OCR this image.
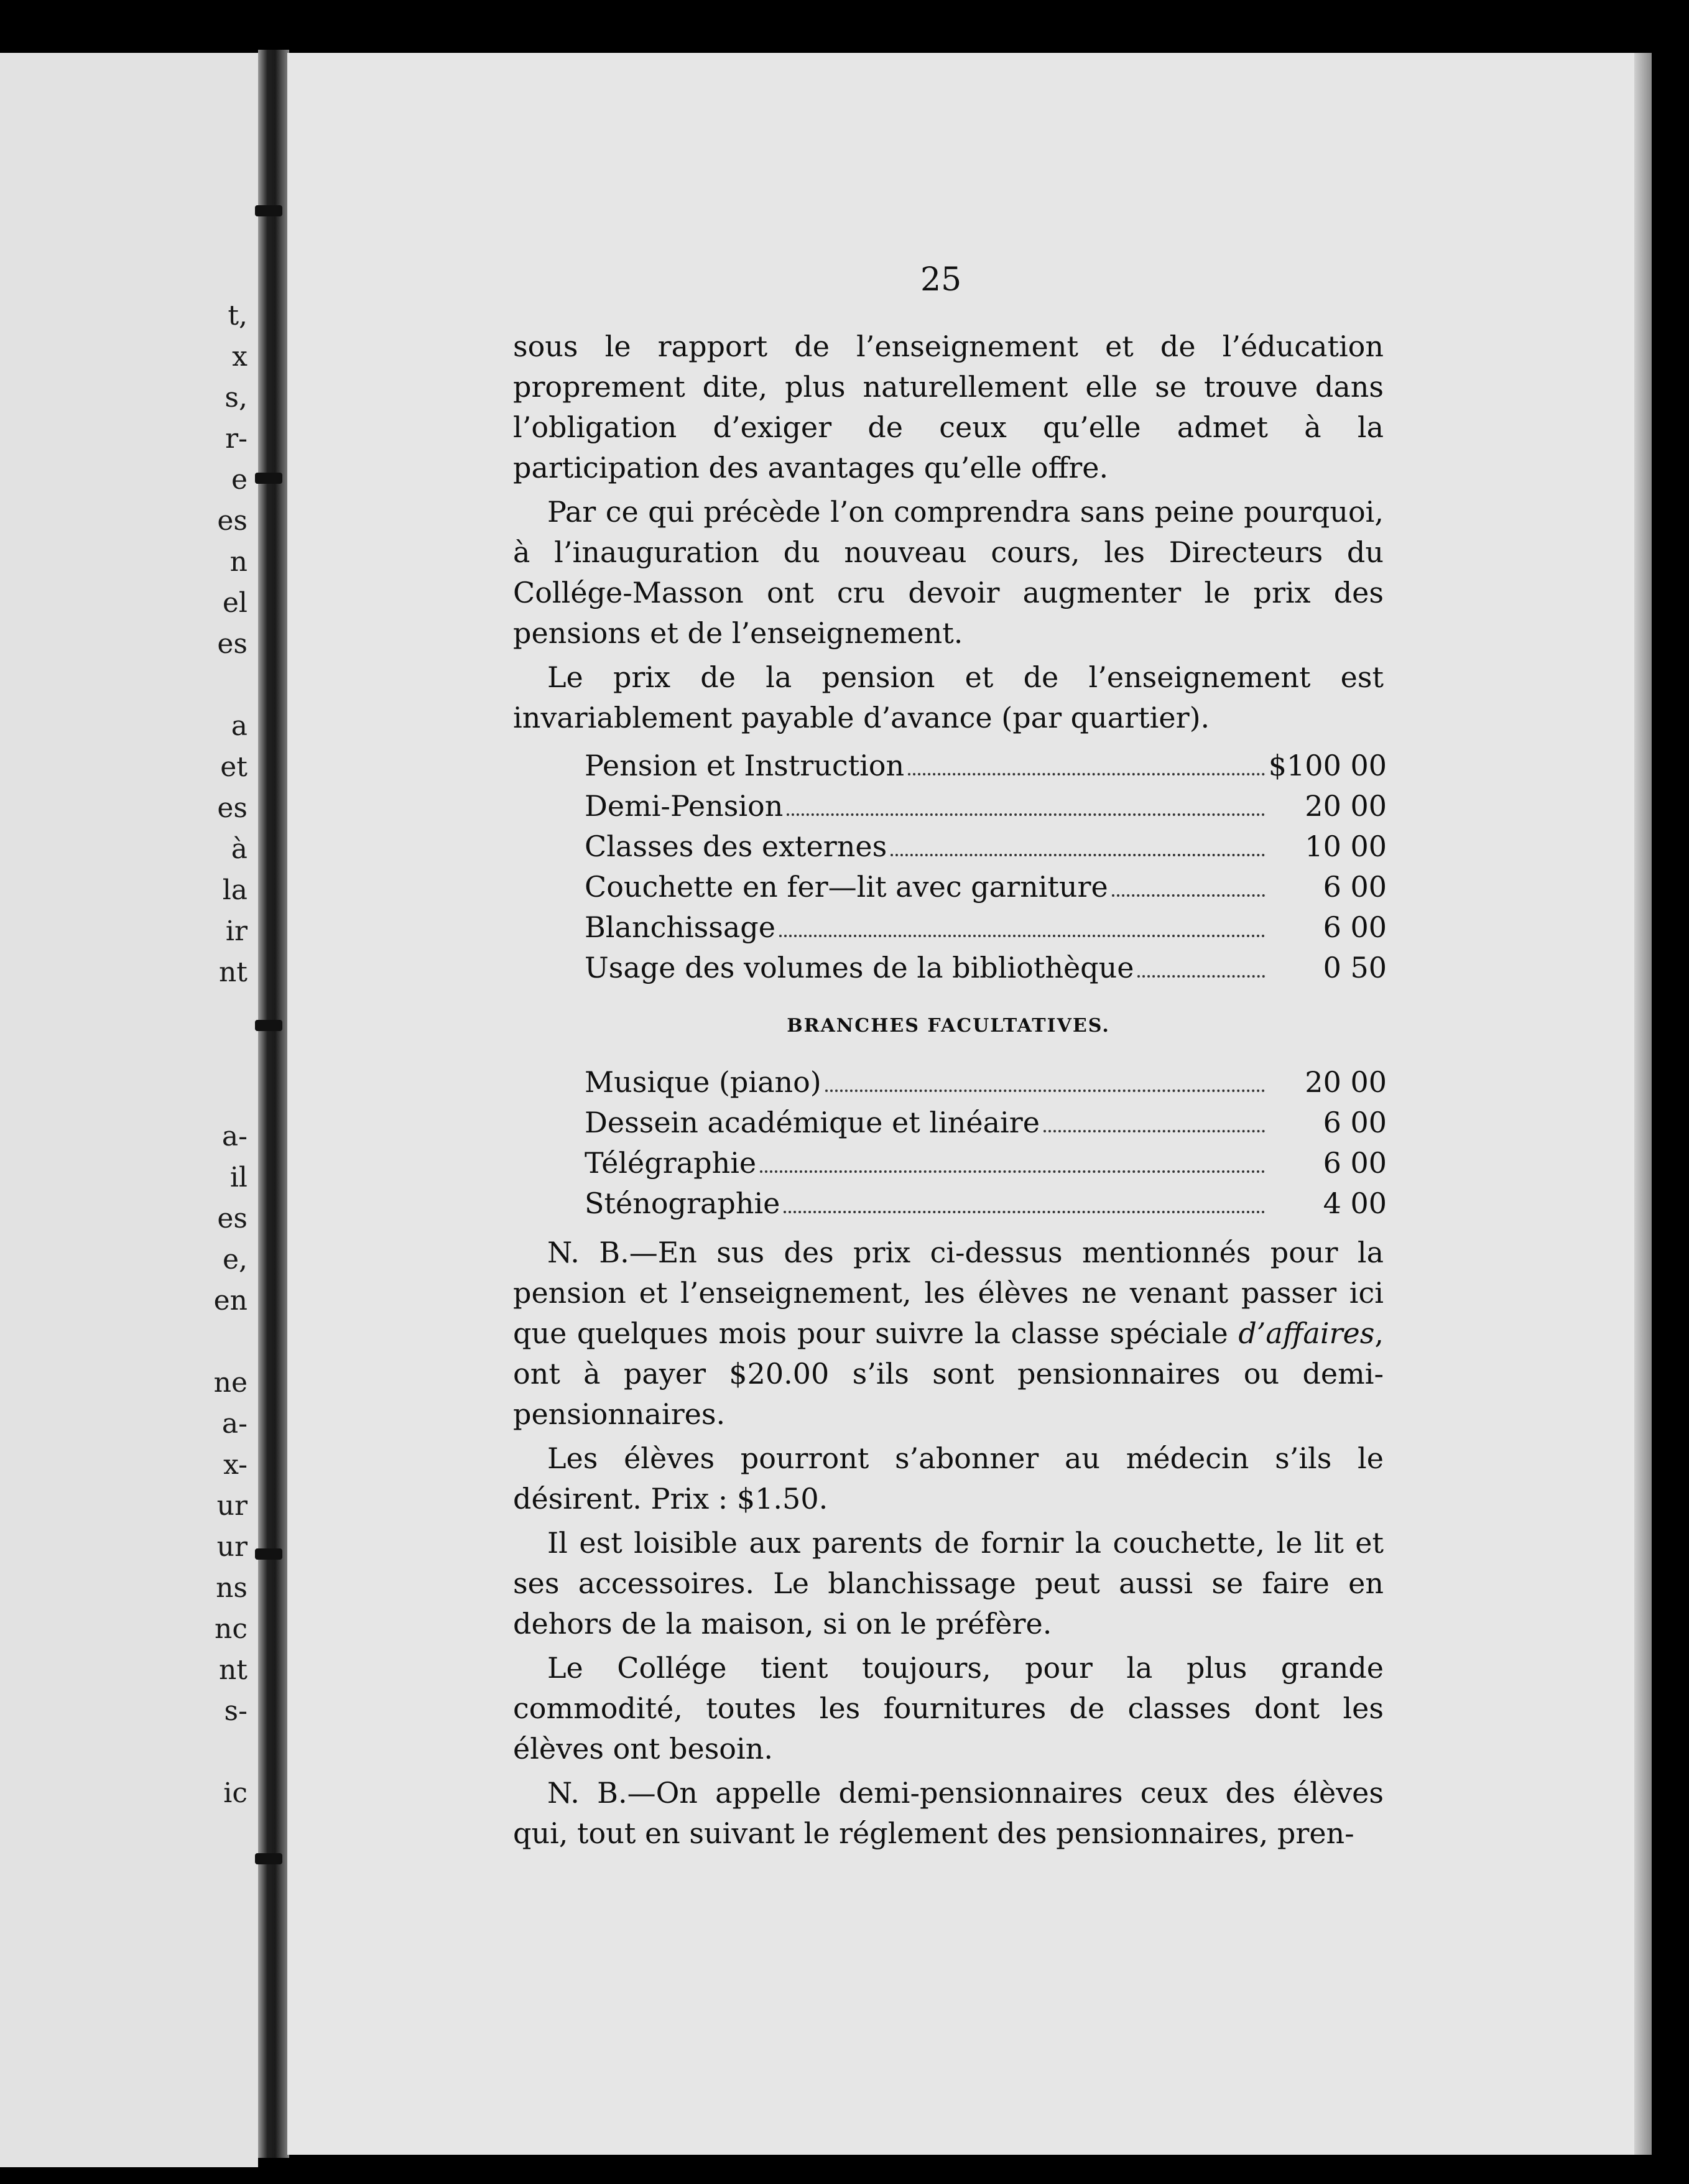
t,
x
s,
r-
e
es
n
el
es
a
et
es
à
la
ir
nt
a-
il
es
e,
en
ne
a-
x-
ur
ur
ns
nc
nt
s-
ic
25

sous le rapport de l’enseignement et de l’éducation proprement dite, plus naturellement elle se trouve dans l’obligation d’exiger de ceux qu’elle admet à la participation des avantages qu’elle offre.

Par ce qui précède l’on comprendra sans peine pourquoi, à l’inauguration du nouveau cours, les Directeurs du Collége-Masson ont cru devoir augmenter le prix des pensions et de l’enseignement.

Le prix de la pension et de l’enseignement est invariablement payable d’avance (par quartier).

Pension et Instruction	$100 00
Demi-Pension	20 00
Classes des externes	10 00
Couchette en fer—lit avec garniture	6 00
Blanchissage	6 00
Usage des volumes de la bibliothèque	0 50
BRANCHES FACULTATIVES.
Musique (piano)	20 00
Dessein académique et linéaire	6 00
Télégraphie	6 00
Sténographie	4 00

N. B.—En sus des prix ci-dessus mentionnés pour la pension et l’enseignement, les élèves ne venant passer ici que quelques mois pour suivre la classe spéciale d’affaires, ont à payer $20.00 s’ils sont pensionnaires ou demi-pensionnaires.

Les élèves pourront s’abonner au médecin s’ils le désirent. Prix : $1.50.

Il est loisible aux parents de fornir la couchette, le lit et ses accessoires. Le blanchissage peut aussi se faire en dehors de la maison, si on le préfère.

Le Collége tient toujours, pour la plus grande commodité, toutes les fournitures de classes dont les élèves ont besoin.

N. B.—On appelle demi-pensionnaires ceux des élèves qui, tout en suivant le réglement des pensionnaires, pren-
